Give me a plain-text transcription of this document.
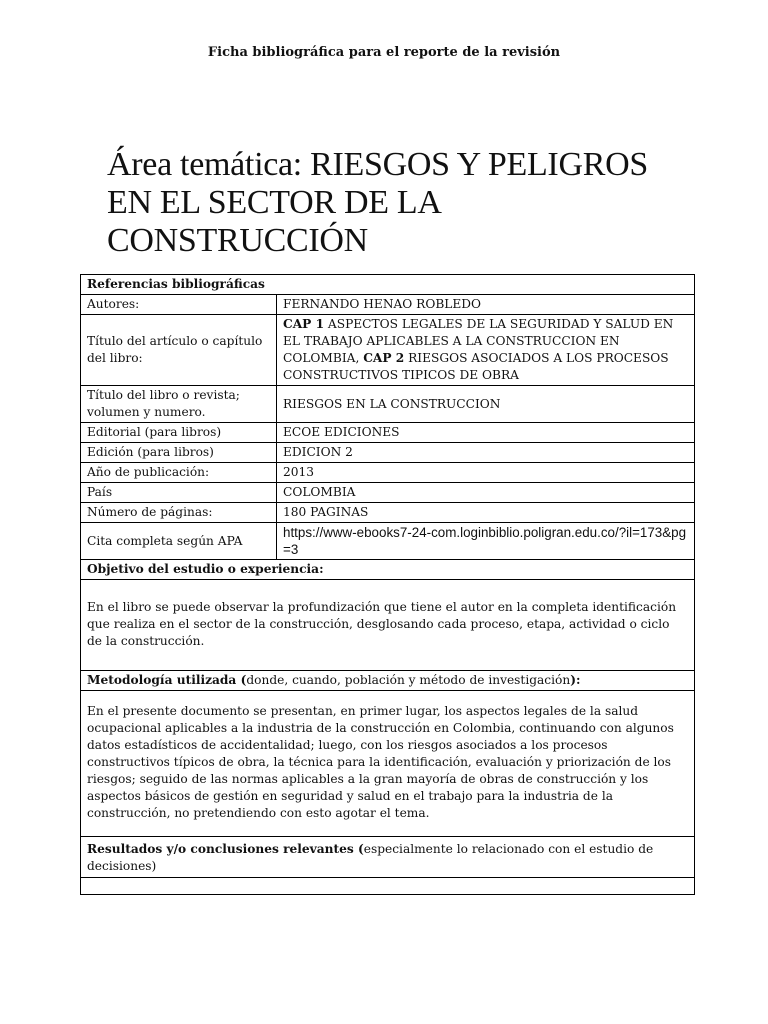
Ficha bibliográfica para el reporte de la revisión
Área temática: RIESGOS Y PELIGROS EN EL SECTOR DE LA CONSTRUCCIÓN
Referencias bibliográficas	
Autores:	FERNANDO HENAO ROBLEDO
Título del artículo o capítulo del libro:	CAP 1 ASPECTOS LEGALES DE LA SEGURIDAD Y SALUD EN EL TRABAJO APLICABLES A LA CONSTRUCCION EN COLOMBIA, CAP 2 RIESGOS ASOCIADOS A LOS PROCESOS CONSTRUCTIVOS TIPICOS DE OBRA
Título del libro o revista; volumen y numero.	RIESGOS EN LA CONSTRUCCION
Editorial (para libros)	ECOE EDICIONES
Edición (para libros)	EDICION 2
Año de publicación:	2013
País	COLOMBIA
Número de páginas:	180 PAGINAS
Cita completa según APA	https://www-ebooks7-24-com.loginbiblio.poligran.edu.co/?il=173&pg=3
Objetivo del estudio o experiencia:	

En el libro se puede observar la profundización que tiene el autor en la completa identificación que realiza en el sector de la construcción, desglosando cada proceso, etapa, actividad o ciclo de la construcción.	

Metodología utilizada (donde, cuando, población y método de investigación):	

En el presente documento se presentan, en primer lugar, los aspectos legales de la salud ocupacional aplicables a la industria de la construcción en Colombia, continuando con algunos datos estadísticos de accidentalidad; luego, con los riesgos asociados a los procesos constructivos típicos de obra, la técnica para la identificación, evaluación y priorización de los riesgos; seguido de las normas aplicables a la gran mayoría de obras de construcción y los aspectos básicos de gestión en seguridad y salud en el trabajo para la industria de la construcción, no pretendiendo con esto agotar el tema.	

Resultados y/o conclusiones relevantes (especialmente lo relacionado con el estudio de decisiones)	
